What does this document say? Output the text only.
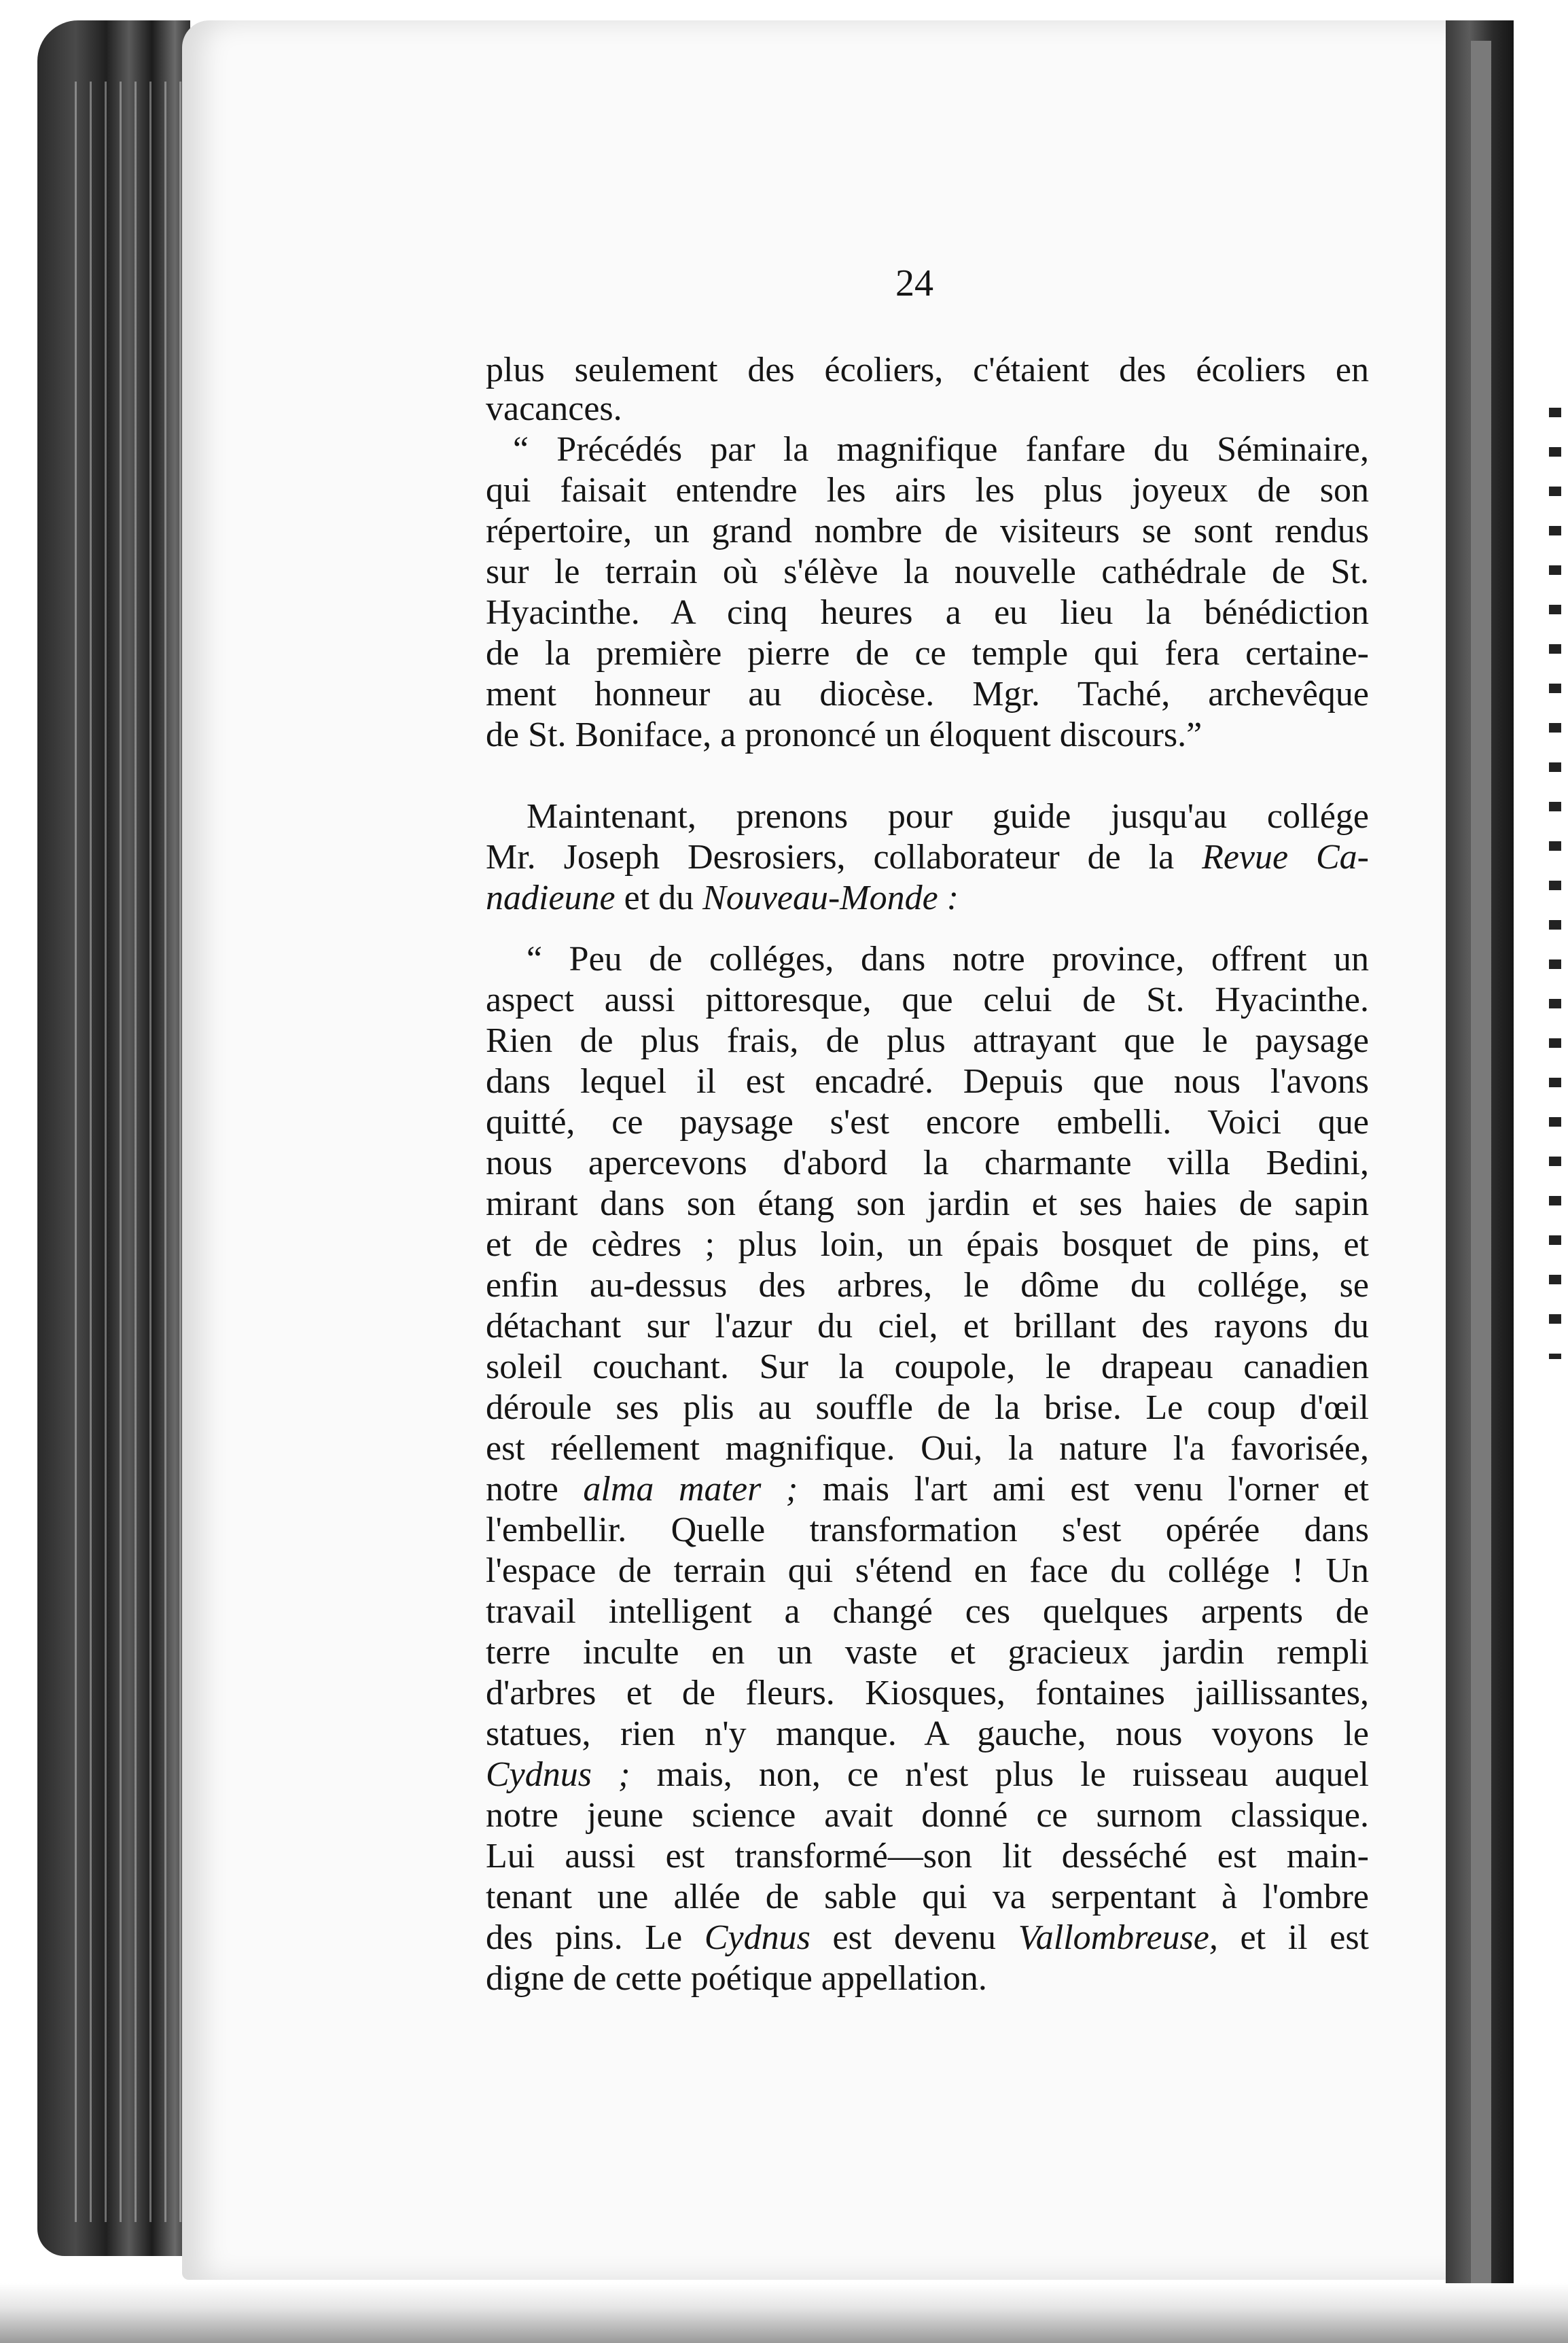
24

plus seulement des écoliers, c'étaient des écoliers en
vacances.
“ Précédés par la magnifique fanfare du Séminaire,
qui faisait entendre les airs les plus joyeux de son
répertoire, un grand nombre de visiteurs se sont rendus
sur le terrain où s'élève la nouvelle cathédrale de St.
Hyacinthe. A cinq heures a eu lieu la bénédiction
de la première pierre de ce temple qui fera certaine-
ment honneur au diocèse. Mgr. Taché, archevêque
de St. Boniface, a prononcé un éloquent discours.”
Maintenant, prenons pour guide jusqu'au collége
Mr. Joseph Desrosiers, collaborateur de la Revue Ca-
nadieune et du Nouveau-Monde :
“ Peu de colléges, dans notre province, offrent un
aspect aussi pittoresque, que celui de St. Hyacinthe.
Rien de plus frais, de plus attrayant que le paysage
dans lequel il est encadré. Depuis que nous l'avons
quitté, ce paysage s'est encore embelli. Voici que
nous apercevons d'abord la charmante villa Bedini,
mirant dans son étang son jardin et ses haies de sapin
et de cèdres ; plus loin, un épais bosquet de pins, et
enfin au-dessus des arbres, le dôme du collége, se
détachant sur l'azur du ciel, et brillant des rayons du
soleil couchant. Sur la coupole, le drapeau canadien
déroule ses plis au souffle de la brise. Le coup d'œil
est réellement magnifique. Oui, la nature l'a favorisée,
notre alma mater ; mais l'art ami est venu l'orner et
l'embellir. Quelle transformation s'est opérée dans
l'espace de terrain qui s'étend en face du collége ! Un
travail intelligent a changé ces quelques arpents de
terre inculte en un vaste et gracieux jardin rempli
d'arbres et de fleurs. Kiosques, fontaines jaillissantes,
statues, rien n'y manque. A gauche, nous voyons le
Cydnus ; mais, non, ce n'est plus le ruisseau auquel
notre jeune science avait donné ce surnom classique.
Lui aussi est transformé—son lit desséché est main-
tenant une allée de sable qui va serpentant à l'ombre
des pins. Le Cydnus est devenu Vallombreuse, et il est
digne de cette poétique appellation.
